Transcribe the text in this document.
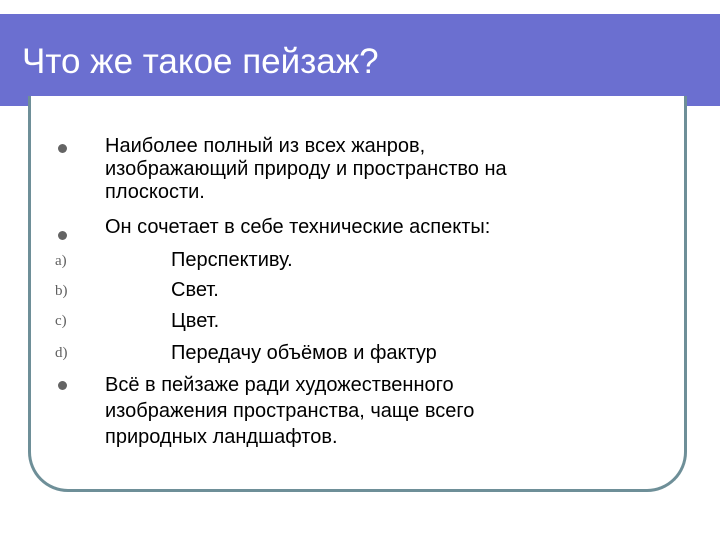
Что же такое пейзаж?
Наиболее полный из всех жанров,
изображающий природу и пространство на
плоскости.
Он сочетает в себе технические аспекты:
a)	Перспективу.
b)	Свет.
c)	Цвет.
d)	Передачу объёмов и фактур
Всё в пейзаже ради художественного
изображения пространства, чаще всего
природных ландшафтов.
